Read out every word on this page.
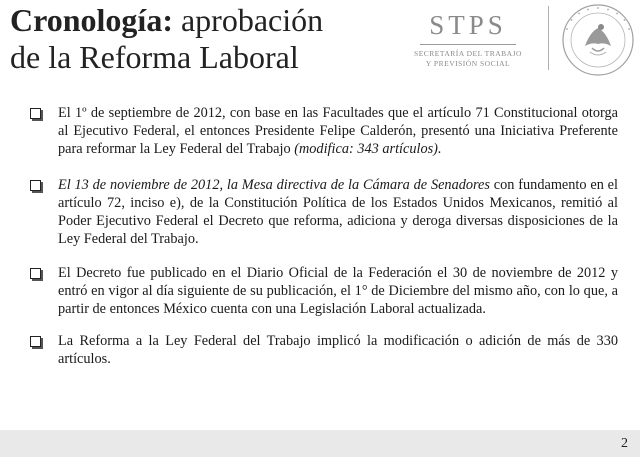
Cronología: aprobación
de la Reforma Laboral
STPS
SECRETARÍA DEL TRABAJO
Y PREVISIÓN SOCIAL
El 1º de septiembre de 2012, con base en las Facultades que el artículo 71 Constitucional otorga al Ejecutivo Federal, el entonces Presidente Felipe Calderón, presentó una Iniciativa Preferente para reformar la Ley Federal del Trabajo (modifica: 343 artículos).
El 13 de noviembre de 2012, la Mesa directiva de la Cámara de Senadores con fundamento en el artículo 72, inciso e), de la Constitución Política de los Estados Unidos Mexicanos, remitió al Poder Ejecutivo Federal el Decreto que reforma, adiciona y deroga diversas disposiciones de la Ley Federal del Trabajo.
El Decreto fue publicado en el Diario Oficial de la Federación el 30 de noviembre de 2012 y entró en vigor al día siguiente de su publicación, el 1° de Diciembre del mismo año, con lo que, a partir de entonces México cuenta con una Legislación Laboral actualizada.
La Reforma a la Ley Federal del Trabajo implicó la modificación o adición de más de 330 artículos.
2
